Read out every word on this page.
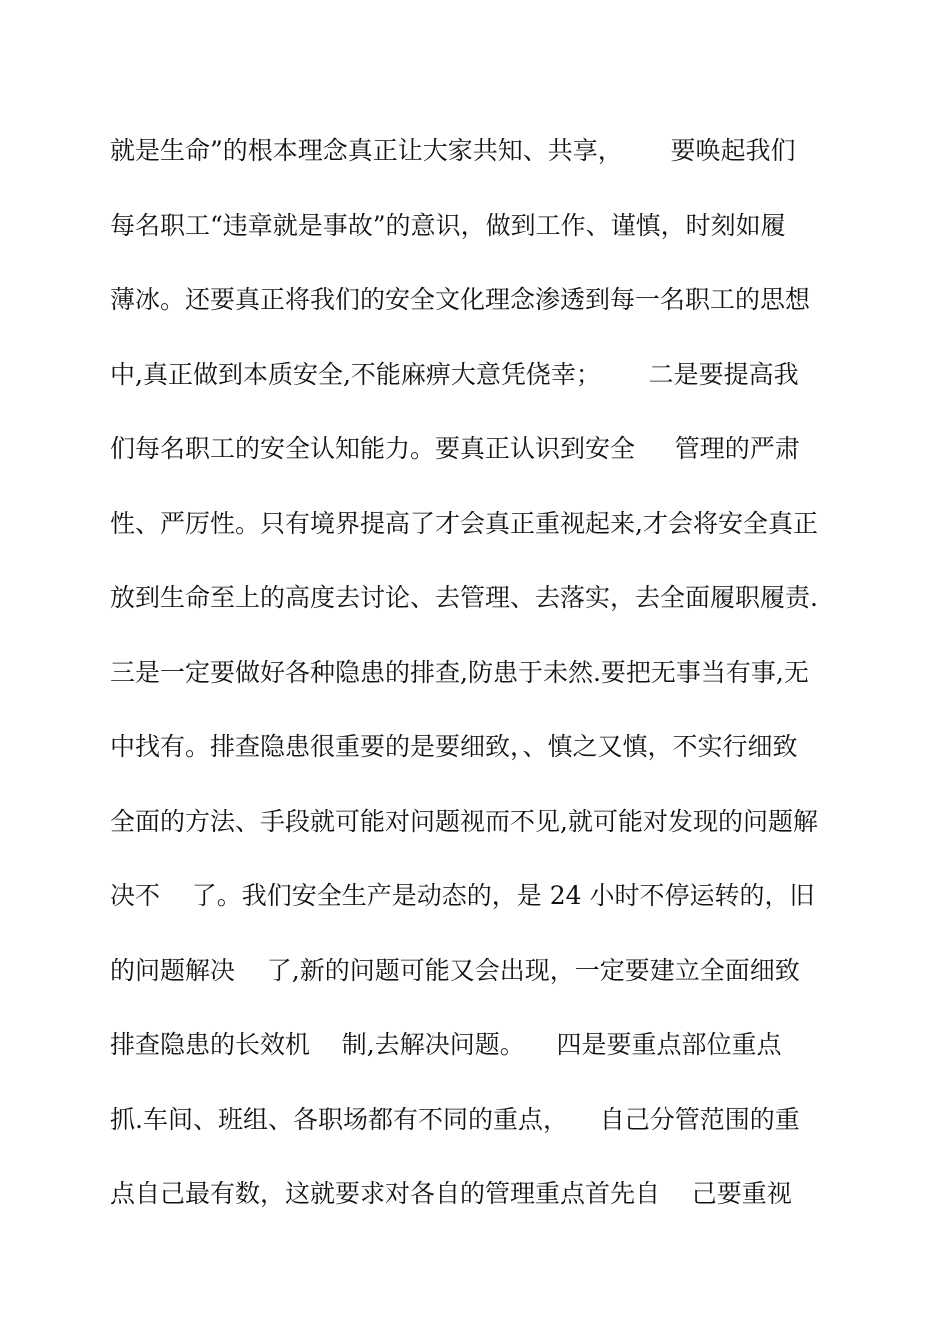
就是生命”的根本理念真正让大家共知、共享，      要唤起我们
每名职工“违章就是事故”的意识，做到工作、谨慎，时刻如履
薄冰。还要真正将我们的安全文化理念渗透到每一名职工的思想
中,真正做到本质安全,不能麻痹大意凭侥幸；      二是要提高我
们每名职工的安全认知能力。要真正认识到安全     管理的严肃
性、严厉性。只有境界提高了才会真正重视起来,才会将安全真正
放到生命至上的高度去讨论、去管理、去落实，去全面履职履责.
三是一定要做好各种隐患的排查,防患于未然.要把无事当有事,无
中找有。排查隐患很重要的是要细致，、慎之又慎，不实行细致
全面的方法、手段就可能对问题视而不见,就可能对发现的问题解
决不    了。我们安全生产是动态的，是 24 小时不停运转的，旧
的问题解决    了,新的问题可能又会出现，一定要建立全面细致
排查隐患的长效机    制,去解决问题。    四是要重点部位重点
抓.车间、班组、各职场都有不同的重点，    自己分管范围的重
点自己最有数，这就要求对各自的管理重点首先自    己要重视
